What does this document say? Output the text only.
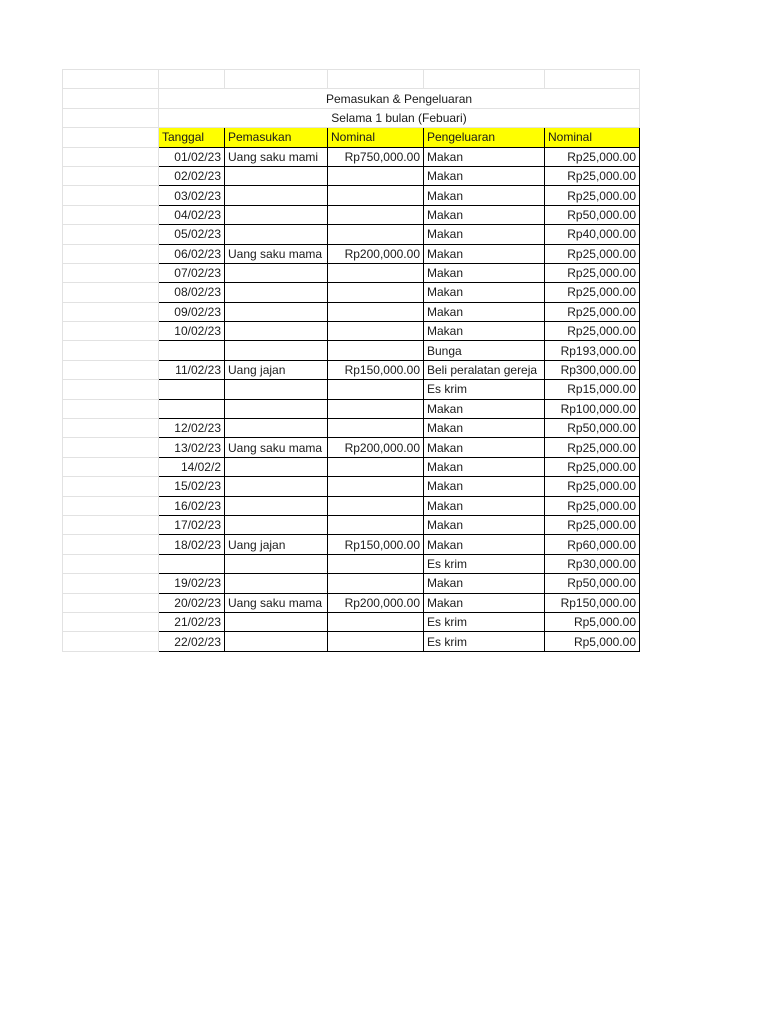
	Pemasukan & Pengeluaran				
	Selama 1 bulan (Febuari)				
	Tanggal	Pemasukan	Nominal	Pengeluaran	Nominal
	01/02/23	Uang saku mami	Rp750,000.00	Makan	Rp25,000.00
	02/02/23			Makan	Rp25,000.00
	03/02/23			Makan	Rp25,000.00
	04/02/23			Makan	Rp50,000.00
	05/02/23			Makan	Rp40,000.00
	06/02/23	Uang saku mama	Rp200,000.00	Makan	Rp25,000.00
	07/02/23			Makan	Rp25,000.00
	08/02/23			Makan	Rp25,000.00
	09/02/23			Makan	Rp25,000.00
	10/02/23			Makan	Rp25,000.00
				Bunga	Rp193,000.00
	11/02/23	Uang jajan	Rp150,000.00	Beli peralatan gereja	Rp300,000.00
				Es krim	Rp15,000.00
				Makan	Rp100,000.00
	12/02/23			Makan	Rp50,000.00
	13/02/23	Uang saku mama	Rp200,000.00	Makan	Rp25,000.00
	14/02/2			Makan	Rp25,000.00
	15/02/23			Makan	Rp25,000.00
	16/02/23			Makan	Rp25,000.00
	17/02/23			Makan	Rp25,000.00
	18/02/23	Uang jajan	Rp150,000.00	Makan	Rp60,000.00
				Es krim	Rp30,000.00
	19/02/23			Makan	Rp50,000.00
	20/02/23	Uang saku mama	Rp200,000.00	Makan	Rp150,000.00
	21/02/23			Es krim	Rp5,000.00
	22/02/23			Es krim	Rp5,000.00
